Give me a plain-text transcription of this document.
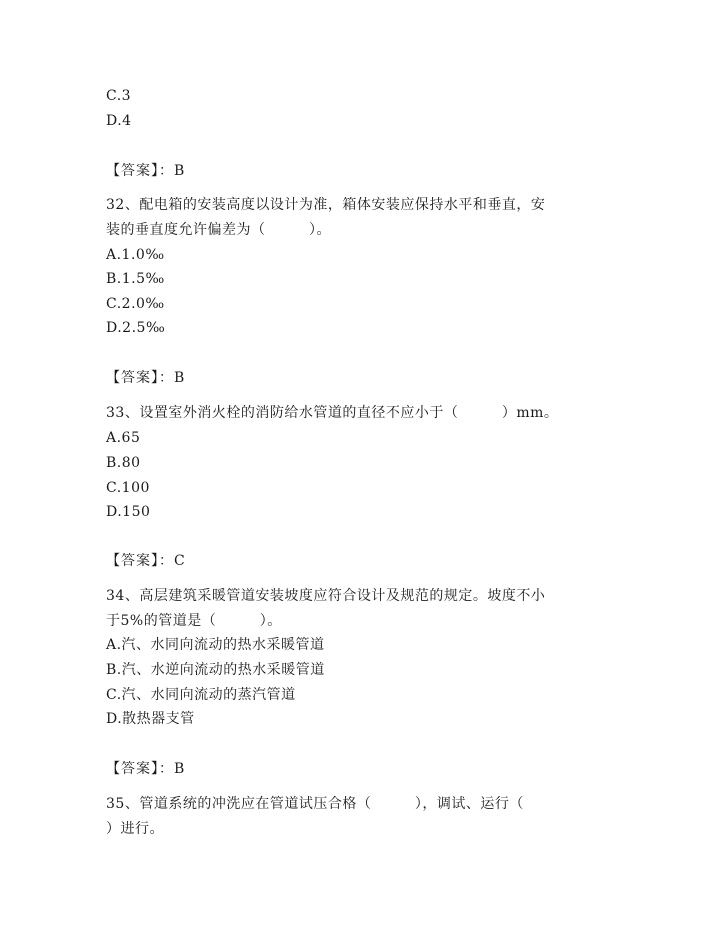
C.3
D.4
【答案】：B
32、配电箱的安装高度以设计为准，箱体安装应保持水平和垂直，安
装的垂直度允许偏差为（　　　）。
A.1.0‰
B.1.5‰
C.2.0‰
D.2.5‰
【答案】：B
33、设置室外消火栓的消防给水管道的直径不应小于（　　　）mm。
A.65
B.80
C.100
D.150
【答案】：C
34、高层建筑采暖管道安装坡度应符合设计及规范的规定。坡度不小
于5%的管道是（　　　）。
A.汽、水同向流动的热水采暖管道
B.汽、水逆向流动的热水采暖管道
C.汽、水同向流动的蒸汽管道
D.散热器支管
【答案】：B
35、管道系统的冲洗应在管道试压合格（　　　），调试、运行（
）进行。
